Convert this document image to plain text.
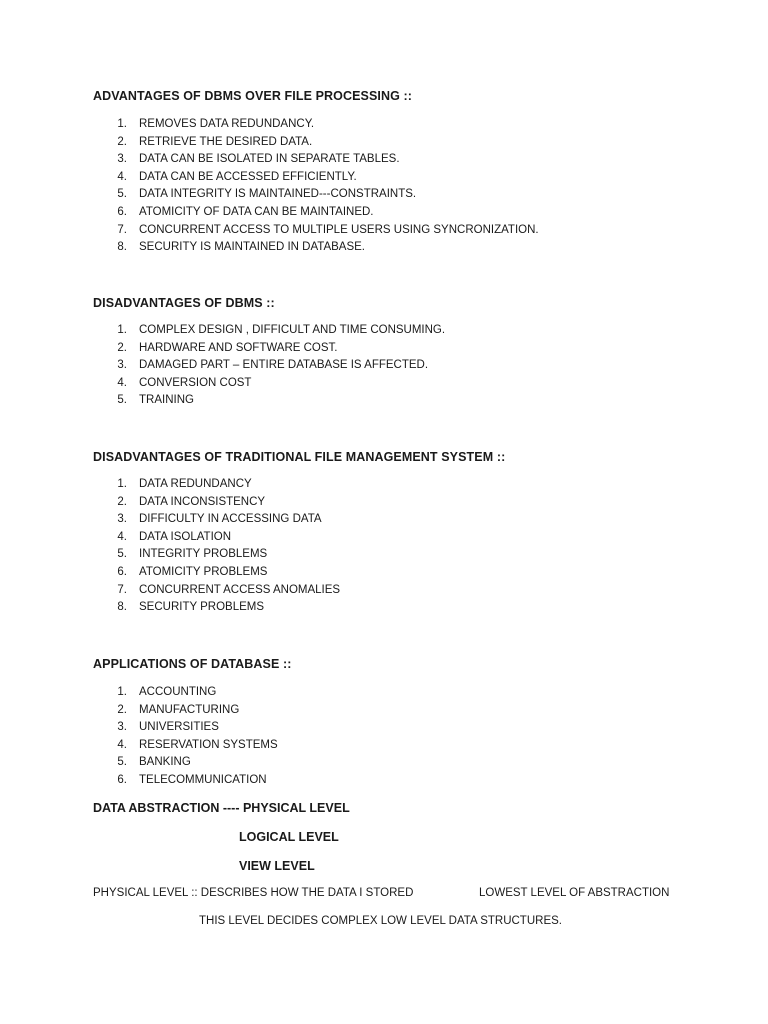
ADVANTAGES OF DBMS OVER FILE PROCESSING ::
1. REMOVES DATA REDUNDANCY.
2. RETRIEVE THE DESIRED DATA.
3. DATA CAN BE ISOLATED IN SEPARATE TABLES.
4. DATA CAN BE ACCESSED EFFICIENTLY.
5. DATA INTEGRITY IS MAINTAINED---CONSTRAINTS.
6. ATOMICITY OF DATA CAN BE MAINTAINED.
7. CONCURRENT ACCESS TO MULTIPLE USERS USING SYNCRONIZATION.
8. SECURITY IS MAINTAINED IN DATABASE.
DISADVANTAGES OF DBMS ::
1. COMPLEX DESIGN , DIFFICULT AND TIME CONSUMING.
2. HARDWARE AND SOFTWARE COST.
3. DAMAGED PART – ENTIRE DATABASE IS AFFECTED.
4. CONVERSION COST
5. TRAINING
DISADVANTAGES OF TRADITIONAL FILE MANAGEMENT SYSTEM ::
1. DATA REDUNDANCY
2. DATA INCONSISTENCY
3. DIFFICULTY IN ACCESSING DATA
4. DATA ISOLATION
5. INTEGRITY PROBLEMS
6. ATOMICITY PROBLEMS
7. CONCURRENT ACCESS ANOMALIES
8. SECURITY PROBLEMS
APPLICATIONS OF DATABASE ::
1. ACCOUNTING
2. MANUFACTURING
3. UNIVERSITIES
4. RESERVATION SYSTEMS
5. BANKING
6. TELECOMMUNICATION
DATA ABSTRACTION ---- PHYSICAL LEVEL
LOGICAL LEVEL
VIEW LEVEL
PHYSICAL LEVEL :: DESCRIBES HOW THE DATA I STORED	LOWEST LEVEL OF ABSTRACTION
THIS LEVEL DECIDES COMPLEX LOW LEVEL DATA STRUCTURES.
